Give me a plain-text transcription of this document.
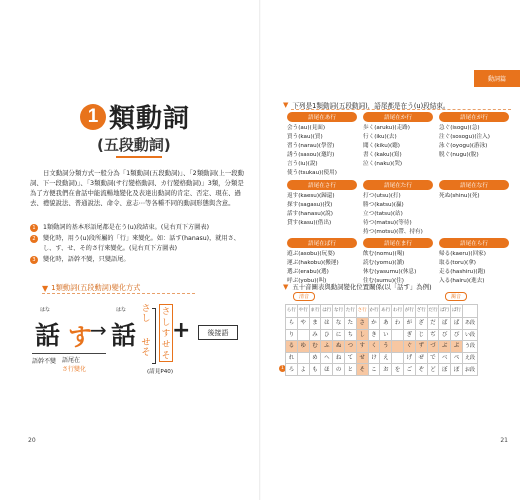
1 類動詞
(五段動詞)

日文動詞分類方式一般分為「1類動詞(五段動詞)」、「2類動詞(上一段動詞、下一段動詞)」、「3類動詞(サ行變格動詞、カ行變格動詞)」3類，分類是為了方便我們在會話中能流暢地變化及表達出動詞的肯定、否定、現在、過去、禮貌說法、普通說法、命令、意志⋯等各種不同的動詞形態與含意。

1	1類動詞的基本形語尾都是在う(u)段結束。(見右頁下方圖表)
2	變化時，用う(u)段所屬的「行」來變化。如：話す(hanasu)，就用さ、し、す、せ、そ的さ行來變化。(見右頁下方圖表)
3	變化時，語幹不變，只變語尾。
▼ 1類動詞(五段動詞)變化方式
はな
話 す
→
はな
話
さ
し
せ
そ
さ
し
す
せ
そ
+	後接語
語幹不變 語尾在
さ行變化	(請見P40)
20
動詞篇
▼ 下列是1類動詞(五段動詞)，語尾都是在う(u)段結束。
語尾在あ行
会う(au)(見面)
買う(kau)(買)
習う(narau)(學習)
誘う(sasou)(邀約)
言う(iu)(說)
使う(tsukau)(使用)
語尾在か行
歩く(aruku)(走路)
行く(iku)(去)
聞く(kiku)(聽)
書く(kaku)(寫)
泣く(naku)(哭)
語尾在が行
急ぐ(isogu)(急)
注ぐ(sosogu)(注入)
泳ぐ(oyogu)(游泳)
脱ぐ(nugu)(脫)
語尾在さ行
返す(kaesu)(歸還)
探す(sagasu)(找)
話す(hanasu)(說)
貸す(kasu)(借出)
語尾在た行
打つ(utsu)(打)
勝つ(katsu)(贏)
立つ(tatsu)(站)
待つ(matsu)(等待)
持つ(motsu)(帶、持有)
語尾在な行
死ぬ(shinu)(死)
語尾在ば行
遊ぶ(asobu)(玩耍)
運ぶ(hakobu)(搬運)
選ぶ(erabu)(選)
呼ぶ(yobu)(叫)
語尾在ま行
飲む(nomu)(喝)
読む(yomu)(讀)
休む(yasumu)(休息)
住む(sumu)(住)
語尾在ら行
帰る(kaeru)(回家)
取る(toru)(拿)
走る(hashiru)(跑)
入る(hairu)(進去)
▼ 五十音圖表與動詞變化位置關係(以「話す」為例)
清音	濁音
1
ら行	や行	ま行	は行	な行	た行	さ行	か行	あ行	わ行	が行	ざ行	だ行	ば行	ぱ行	
ら	や	ま	は	な	た	さ	か	あ	わ	が	ざ	だ	ば	ぱ	あ段
り		み	ひ	に	ち	し	き	い		ぎ	じ	ぢ	び	ぴ	い段
る	ゆ	む	ふ	ぬ	つ	す	く	う		ぐ	ず	づ	ぶ	ぷ	う段
れ		め	へ	ね	て	せ	け	え		げ	ぜ	で	べ	ぺ	え段
ろ	よ	も	ほ	の	と	そ	こ	お	を	ご	ぞ	ど	ぼ	ぽ	お段
21
